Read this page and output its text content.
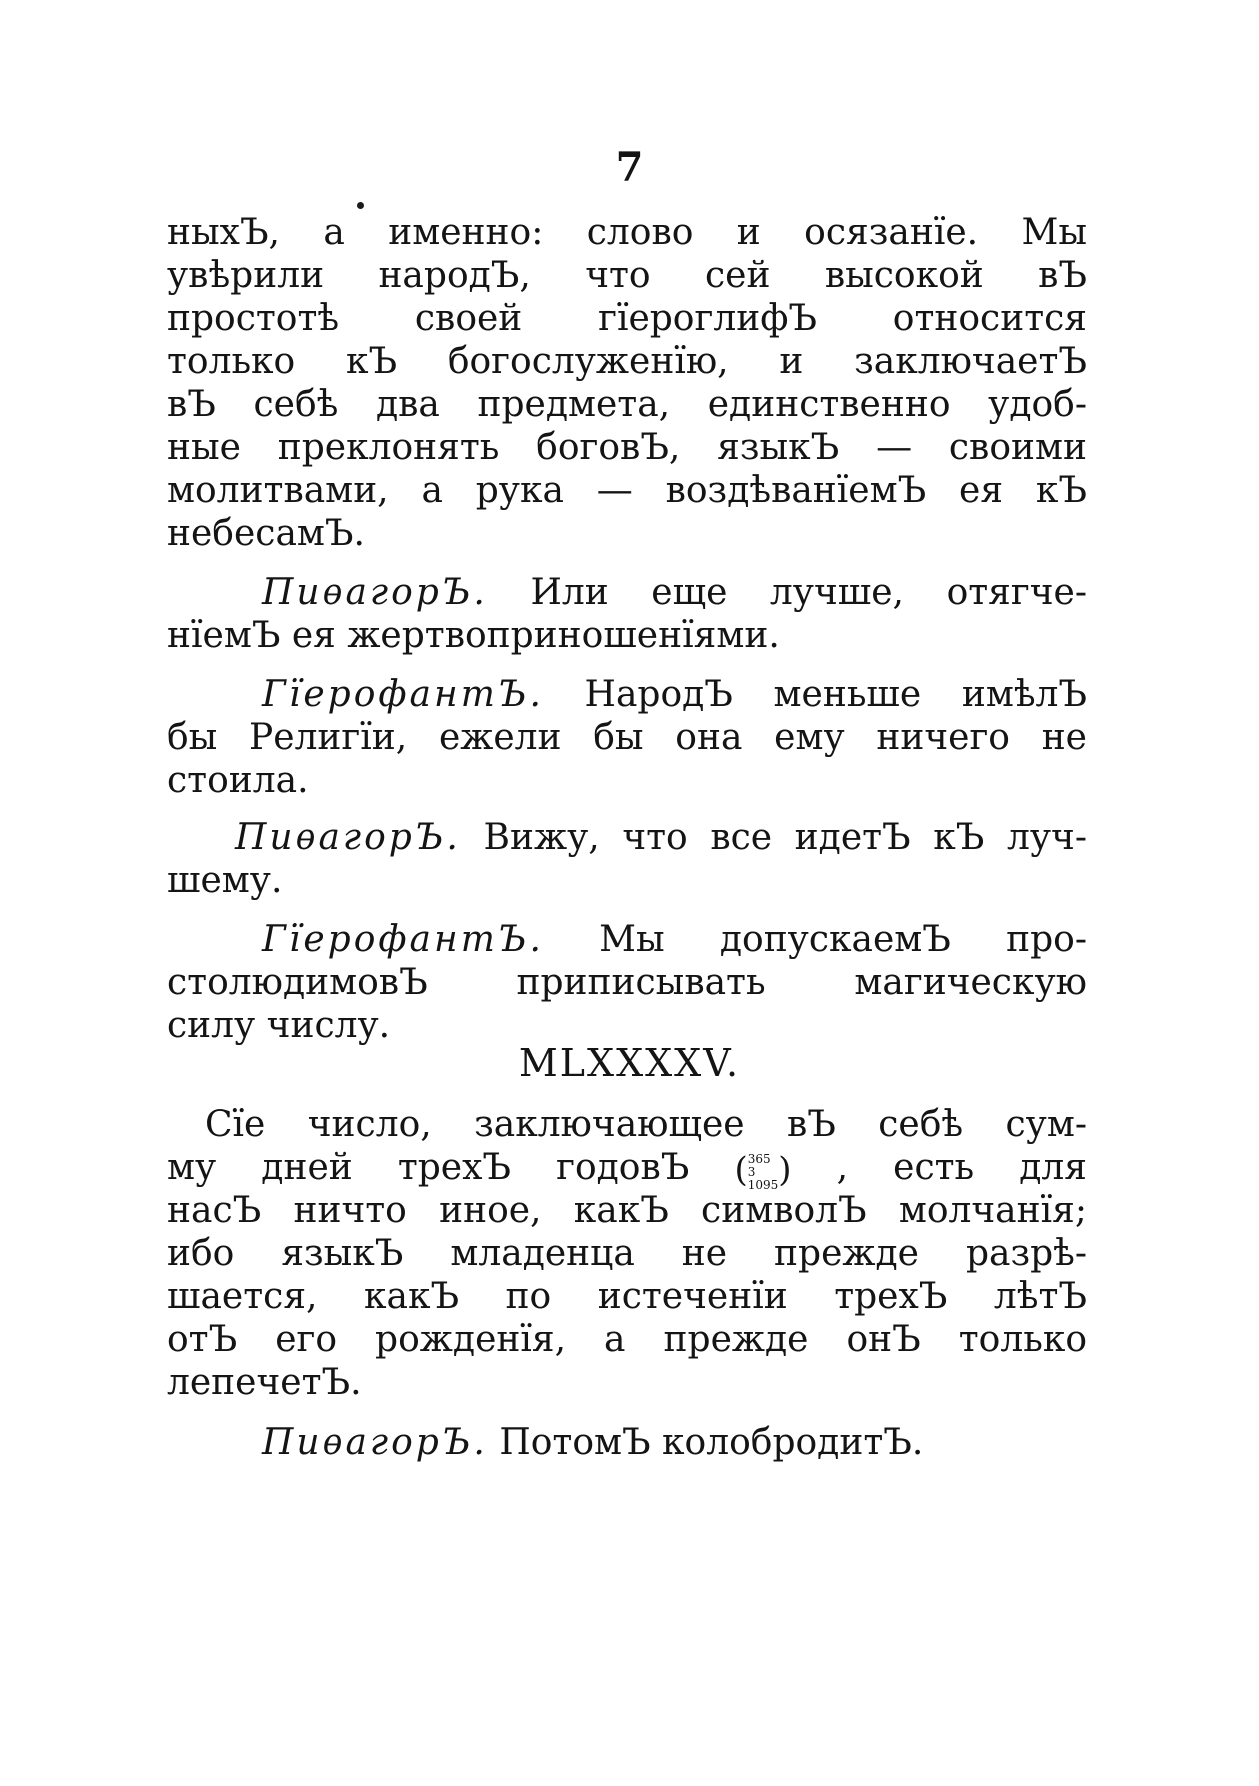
7
ныхЪ, а именно: слово и осязанїе. Мы
увѣрили народЪ, что сей высокой вЪ
простотѣ своей гїероглифЪ относится
только кЪ богослуженїю, и заключаетЪ
вЪ себѣ два предмета, единственно удоб-
ные преклонять боговЪ, языкЪ — своими
молитвами, а рука — воздѣванїемЪ ея кЪ
небесамЪ.
ПиѳагорЪ. Или еще лучше, отягче-
нїемЪ ея жертвоприношенїями.
ГїерофантЪ. НародЪ меньше имѣлЪ
бы Религїи, ежели бы она ему ничего не
стоила.
ПиѳагорЪ. Вижу, что все идетЪ кЪ луч-
шему.
ГїерофантЪ. Мы допускаемЪ про-
столюдимовЪ приписывать магическую
силу числу.
MLXXXXV.
Сїе число, заключающее вЪ себѣ сум-
му дней трехЪ годовЪ (365
3
1095) , есть для
насЪ ничто иное, какЪ символЪ молчанїя;
ибо языкЪ младенца не прежде разрѣ-
шается, какЪ по истеченїи трехЪ лѣтЪ
отЪ его рожденїя, а прежде онЪ только
лепечетЪ.
ПиѳагорЪ. ПотомЪ колобродитЪ.
